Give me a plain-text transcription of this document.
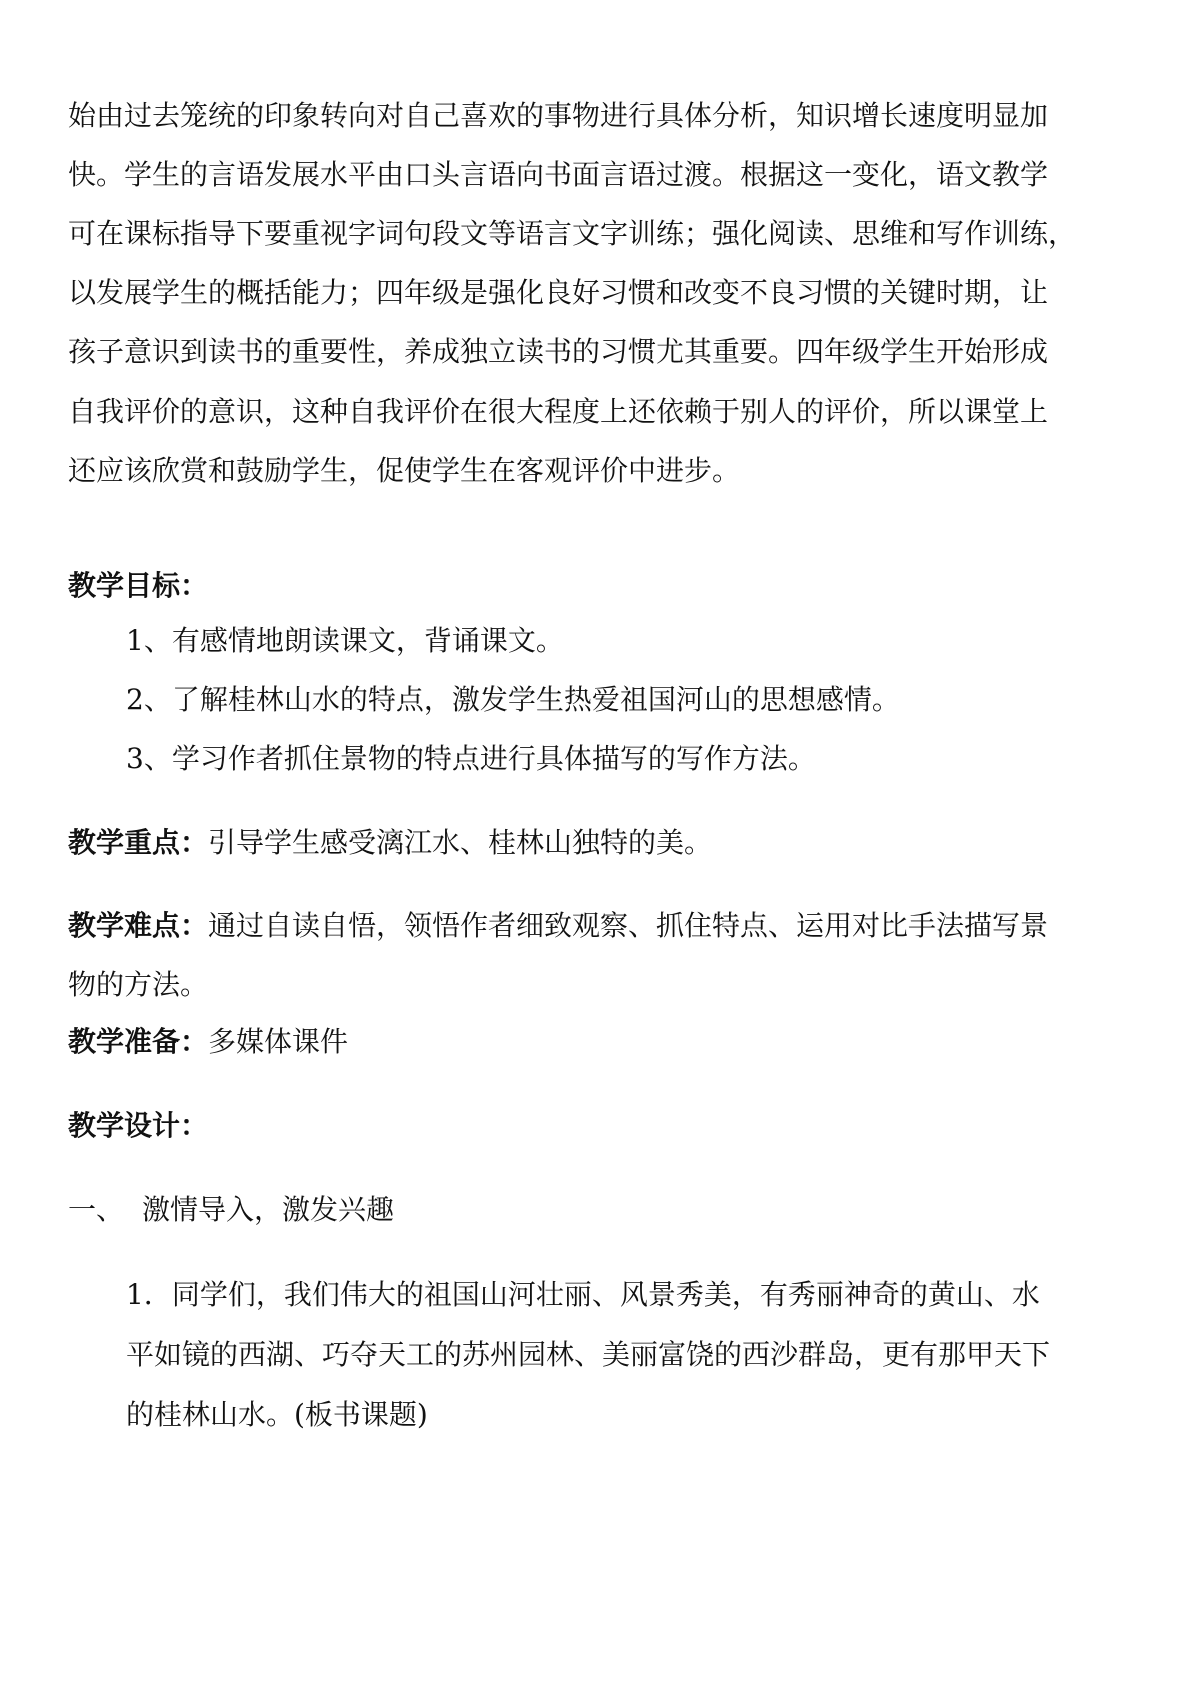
始由过去笼统的印象转向对自己喜欢的事物进行具体分析，知识增长速度明显加
快。学生的言语发展水平由口头言语向书面言语过渡。根据这一变化，语文教学
可在课标指导下要重视字词句段文等语言文字训练；强化阅读、思维和写作训练，
以发展学生的概括能力；四年级是强化良好习惯和改变不良习惯的关键时期，让
孩子意识到读书的重要性，养成独立读书的习惯尤其重要。四年级学生开始形成
自我评价的意识，这种自我评价在很大程度上还依赖于别人的评价，所以课堂上
还应该欣赏和鼓励学生，促使学生在客观评价中进步。
教学目标：
1、有感情地朗读课文，背诵课文。
2、了解桂林山水的特点，激发学生热爱祖国河山的思想感情。
3、学习作者抓住景物的特点进行具体描写的写作方法。
教学重点：引导学生感受漓江水、桂林山独特的美。
教学难点：通过自读自悟，领悟作者细致观察、抓住特点、运用对比手法描写景
物的方法。
教学准备：多媒体课件
教学设计：
一、 激情导入，激发兴趣
1．同学们，我们伟大的祖国山河壮丽、风景秀美，有秀丽神奇的黄山、水
平如镜的西湖、巧夺天工的苏州园林、美丽富饶的西沙群岛，更有那甲天下
的桂林山水。(板书课题)
